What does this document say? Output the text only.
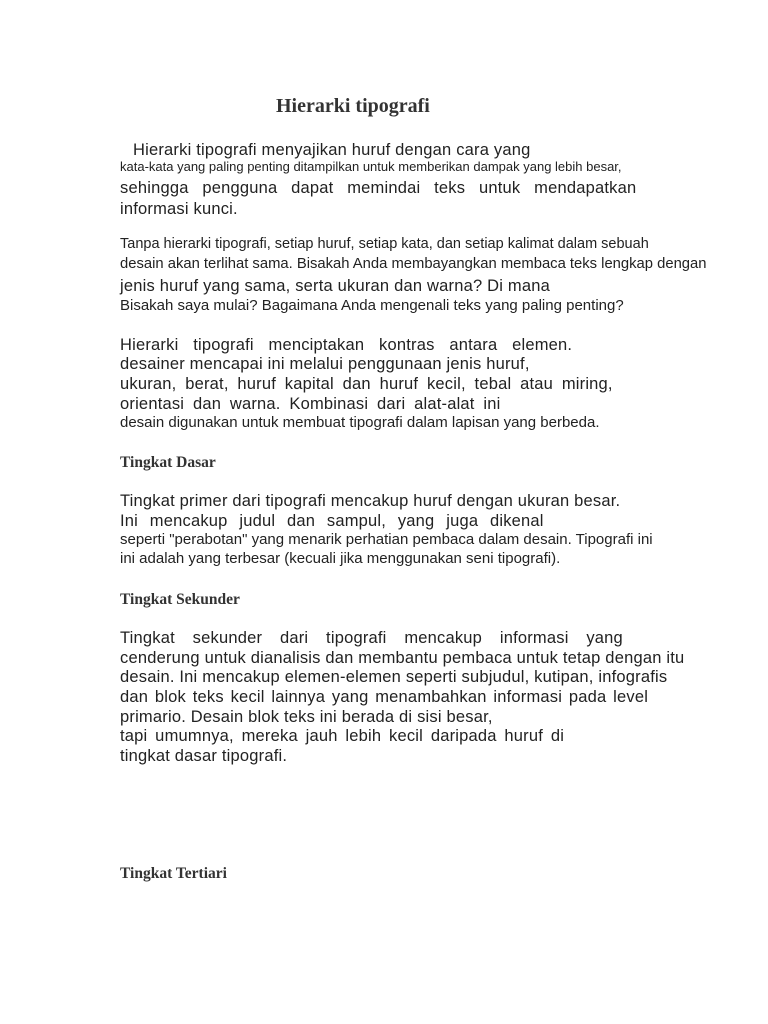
Hierarki tipografi

Hierarki tipografi menyajikan huruf dengan cara yang

kata-kata yang paling penting ditampilkan untuk memberikan dampak yang lebih besar,

sehingga pengguna dapat memindai teks untuk mendapatkan

informasi kunci.

Tanpa hierarki tipografi, setiap huruf, setiap kata, dan setiap kalimat dalam sebuah

desain akan terlihat sama. Bisakah Anda membayangkan membaca teks lengkap dengan

jenis huruf yang sama, serta ukuran dan warna? Di mana

Bisakah saya mulai? Bagaimana Anda mengenali teks yang paling penting?

Hierarki tipografi menciptakan kontras antara elemen.

desainer mencapai ini melalui penggunaan jenis huruf,

ukuran, berat, huruf kapital dan huruf kecil, tebal atau miring,

orientasi dan warna. Kombinasi dari alat-alat ini

desain digunakan untuk membuat tipografi dalam lapisan yang berbeda.

Tingkat Dasar

Tingkat primer dari tipografi mencakup huruf dengan ukuran besar.

Ini mencakup judul dan sampul, yang juga dikenal

seperti "perabotan" yang menarik perhatian pembaca dalam desain. Tipografi ini

ini adalah yang terbesar (kecuali jika menggunakan seni tipografi).

Tingkat Sekunder

Tingkat sekunder dari tipografi mencakup informasi yang

cenderung untuk dianalisis dan membantu pembaca untuk tetap dengan itu

desain. Ini mencakup elemen-elemen seperti subjudul, kutipan, infografis

dan blok teks kecil lainnya yang menambahkan informasi pada level

primario. Desain blok teks ini berada di sisi besar,

tapi umumnya, mereka jauh lebih kecil daripada huruf di

tingkat dasar tipografi.

Tingkat Tertiari
